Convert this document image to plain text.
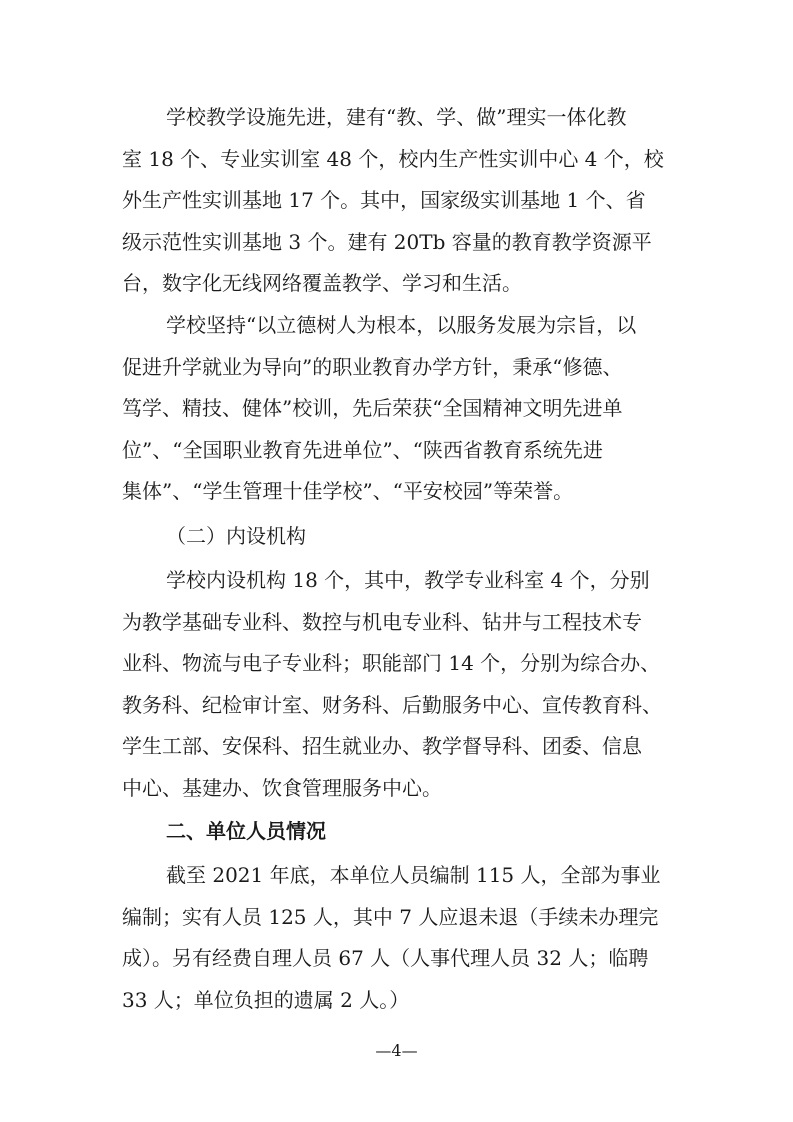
学校教学设施先进，建有“教、学、做”理实一体化教
室 18 个、专业实训室 48 个，校内生产性实训中心 4 个，校
外生产性实训基地 17 个。其中，国家级实训基地 1 个、省
级示范性实训基地 3 个。建有 20Tb 容量的教育教学资源平
台，数字化无线网络覆盖教学、学习和生活。
学校坚持“以立德树人为根本，以服务发展为宗旨，以
促进升学就业为导向”的职业教育办学方针，秉承“修德、
笃学、精技、健体”校训，先后荣获“全国精神文明先进单
位”、“全国职业教育先进单位”、“陕西省教育系统先进
集体”、“学生管理十佳学校”、“平安校园”等荣誉。
（二）内设机构
学校内设机构 18 个，其中，教学专业科室 4 个，分别
为教学基础专业科、数控与机电专业科、钻井与工程技术专
业科、物流与电子专业科；职能部门 14 个，分别为综合办、
教务科、纪检审计室、财务科、后勤服务中心、宣传教育科、
学生工部、安保科、招生就业办、教学督导科、团委、信息
中心、基建办、饮食管理服务中心。
二、单位人员情况
截至 2021 年底，本单位人员编制 115 人，全部为事业
编制；实有人员 125 人，其中 7 人应退未退（手续未办理完
成）。另有经费自理人员 67 人（人事代理人员 32 人；临聘
33 人；单位负担的遗属 2 人。）
—4—
